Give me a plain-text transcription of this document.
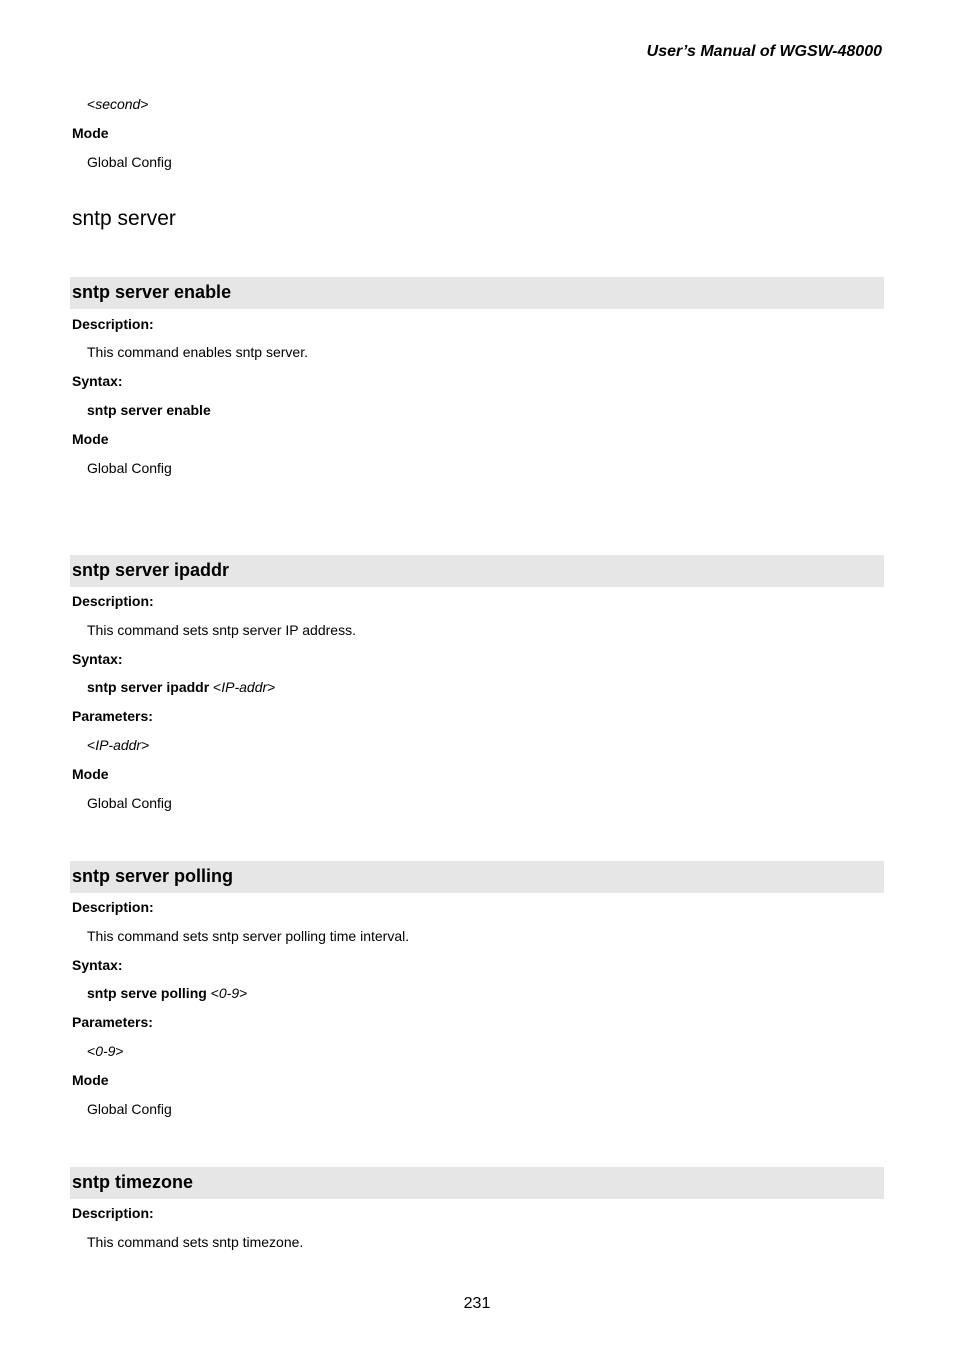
User’s Manual of WGSW-48000
<second>
Mode
Global Config
sntp server
sntp server enable
Description:
This command enables sntp server.
Syntax:
sntp server enable
Mode
Global Config
sntp server ipaddr
Description:
This command sets sntp server IP address.
Syntax:
sntp server ipaddr <IP-addr>
Parameters:
<IP-addr>
Mode
Global Config
sntp server polling
Description:
This command sets sntp server polling time interval.
Syntax:
sntp serve polling <0-9>
Parameters:
<0-9>
Mode
Global Config
sntp timezone
Description:
This command sets sntp timezone.
231
